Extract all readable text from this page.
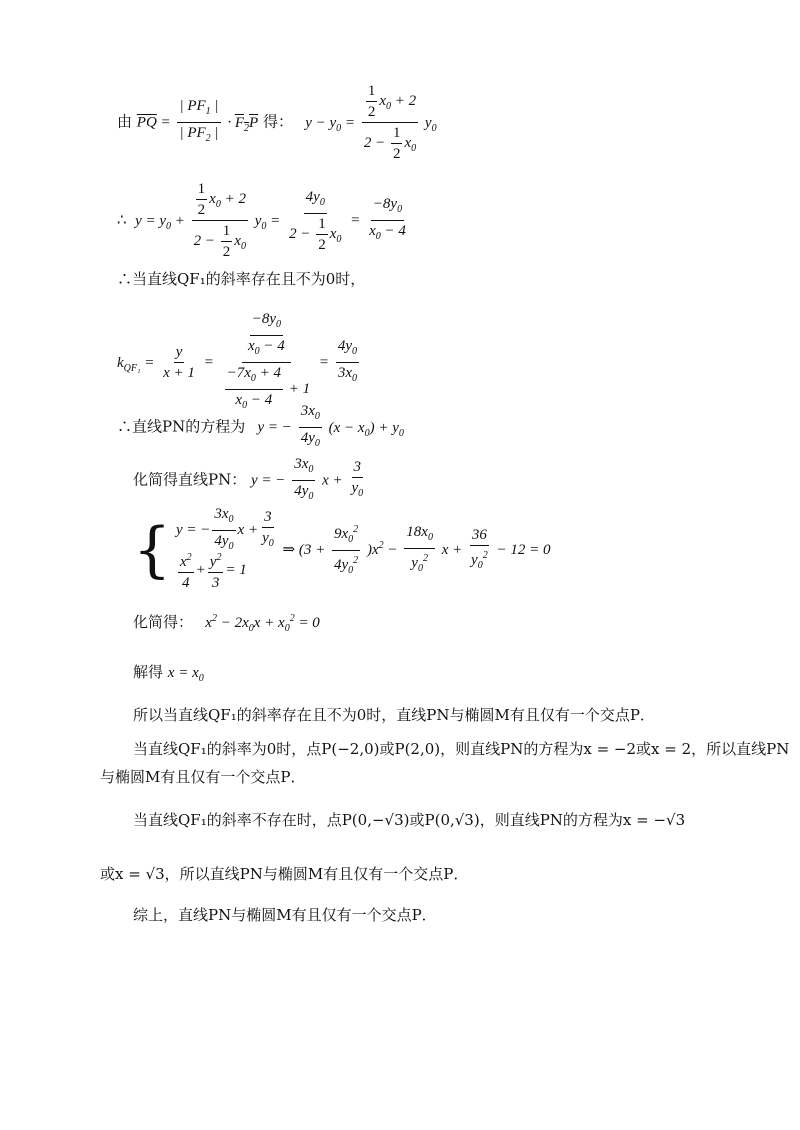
由 $\overline{PQ} = \frac{| PF_1 |}{| PF_2 |} \cdot F_2P$ 得：   $y - y_0 = \frac{\frac{1}{2} x_0 + 2}{2 - \frac{1}{2} x_0} y_0$
∴  $y = y_0 + \frac{\frac{1}{2} x_0 + 2}{2 - \frac{1}{2} x_0} y_0 = \frac{4y_0}{2 - \frac{1}{2} x_0} = \frac{-8y_0}{x_0 - 4}$
∴当直线QF₁的斜率存在且不为0时，
$k_{QF_1} = \frac{y}{x + 1} = \frac{\frac{-8y_0}{x_0 - 4}}{\frac{-7x_0 + 4}{x_0 - 4} + 1} = \frac{4y_0}{3x_0}$
∴直线PN的方程为   y = − $\frac{3x_0}{4y_0} (x - x_0) + y_0$
化简得直线PN： y = − $\frac{3x_0}{4y_0}$ $x + \frac{3}{y_0}$
{ y = − $\frac{3x_0}{4y_0}$ $x + \frac{3}{y_0}$
$\frac{x^2}{4} + \frac{y^2}{3} = 1$
⇒ $(3 + \frac{9x_0^2}{4y_0^2} )x^2 - \frac{18x_0}{y_0^2}$ $x + \frac{36}{y_0^2} - 12 = 0$
化简得：   $x^2 - 2x_0x + x_0^2 = 0$
解得 $x = x_0$
所以当直线QF₁的斜率存在且不为0时，直线PN与椭圆M有且仅有一个交点P．
当直线QF₁的斜率为0时，点P(−2,0)或P(2,0)，则直线PN的方程为x = −2或x = 2，所以直线PN
与椭圆M有且仅有一个交点P．
当直线QF₁的斜率不存在时，点P(0,−√3)或P(0,√3)，则直线PN的方程为x = −√3
或x = √3，所以直线PN与椭圆M有且仅有一个交点P．
综上，直线PN与椭圆M有且仅有一个交点P．
